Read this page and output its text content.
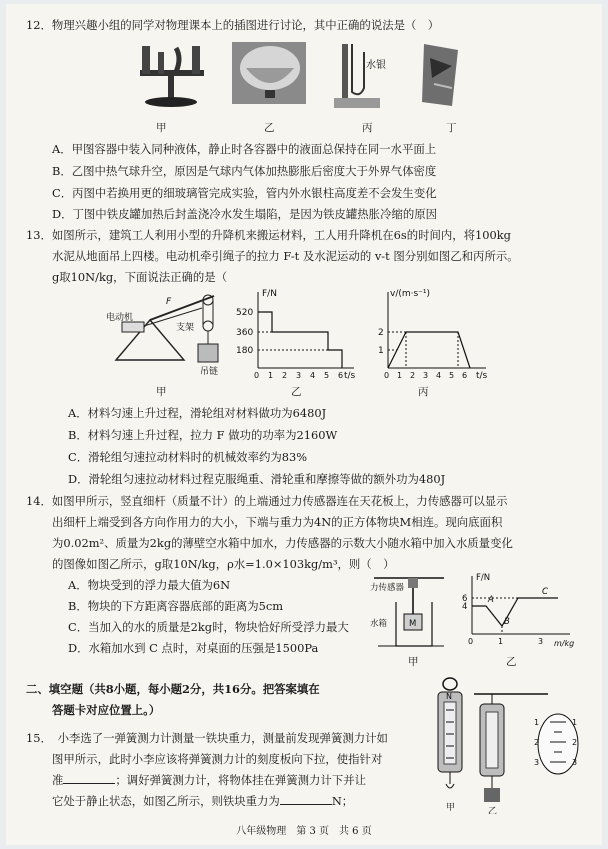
12．物理兴趣小组的同学对物理课本上的插图进行讨论，其中正确的说法是（　）
水银
甲	乙	丙	丁
A．甲图容器中装入同种液体，静止时各容器中的液面总保持在同一水平面上
B．乙图中热气球升空，原因是气球内气体加热膨胀后密度大于外界气体密度
C．丙图中若换用更的细玻璃管完成实验，管内外水银柱高度差不会发生变化
D．丁图中铁皮罐加热后封盖浇冷水发生塌陷，是因为铁皮罐热胀冷缩的原因
13．如图所示，建筑工人利用小型的升降机来搬运材料，工人用升降机在6s的时间内，将100kg
水泥从地面吊上四楼。电动机牵引绳子的拉力 F-t 及水泥运动的 v-t 图分别如图乙和丙所示。
g取10N/kg，下面说法正确的是（
电动机
F
支架
吊链
甲
F/N
t/s
520
360
180
0 1 2 3 4 5 6
乙
v/(m·s⁻¹)
t/s
2
1
0 1 2 3 4 5 6
丙
A．材料匀速上升过程，滑轮组对材料做功为6480J
B．材料匀速上升过程，拉力 F 做功的功率为2160W
C．滑轮组匀速拉动材料时的机械效率约为83%
D．滑轮组匀速拉动材料过程克服绳重、滑轮重和摩擦等做的额外功为480J
14．如图甲所示，竖直细杆（质量不计）的上端通过力传感器连在天花板上，力传感器可以显示
出细杆上端受到各方向作用力的大小，下端与重力为4N的正方体物块M相连。现向底面积
为0.02m²、质量为2kg的薄壁空水箱中加水，力传感器的示数大小随水箱中加入水质量变化
的图像如图乙所示，g取10N/kg，ρ水=1.0×103kg/m³，则（　）
A．物块受到的浮力最大值为6N
B．物块的下方距离容器底部的距离为5cm
C．当加入的水的质量是2kg时，物块恰好所受浮力最大
D．水箱加水到 C 点时，对桌面的压强是1500Pa
力传感器
水箱	M
甲
F/N
m/kg
6
4
0	1	3
A
B
C
乙
二、填空题（共8小题，每小题2分，共16分。把答案填在
答题卡对应位置上。）
15．　小李选了一弹簧测力计测量一铁块重力，测量前发现弹簧测力计如
图甲所示，此时小李应该将弹簧测力计的刻度板向下拉，使指针对
准	；调好弹簧测力计，将物体挂在弹簧测力计下并让
它处于静止状态，如图乙所示，则铁块重力为	N；
N
1
2
3
1
2
3
甲	乙
八年级物理　第 3 页　共 6 页
